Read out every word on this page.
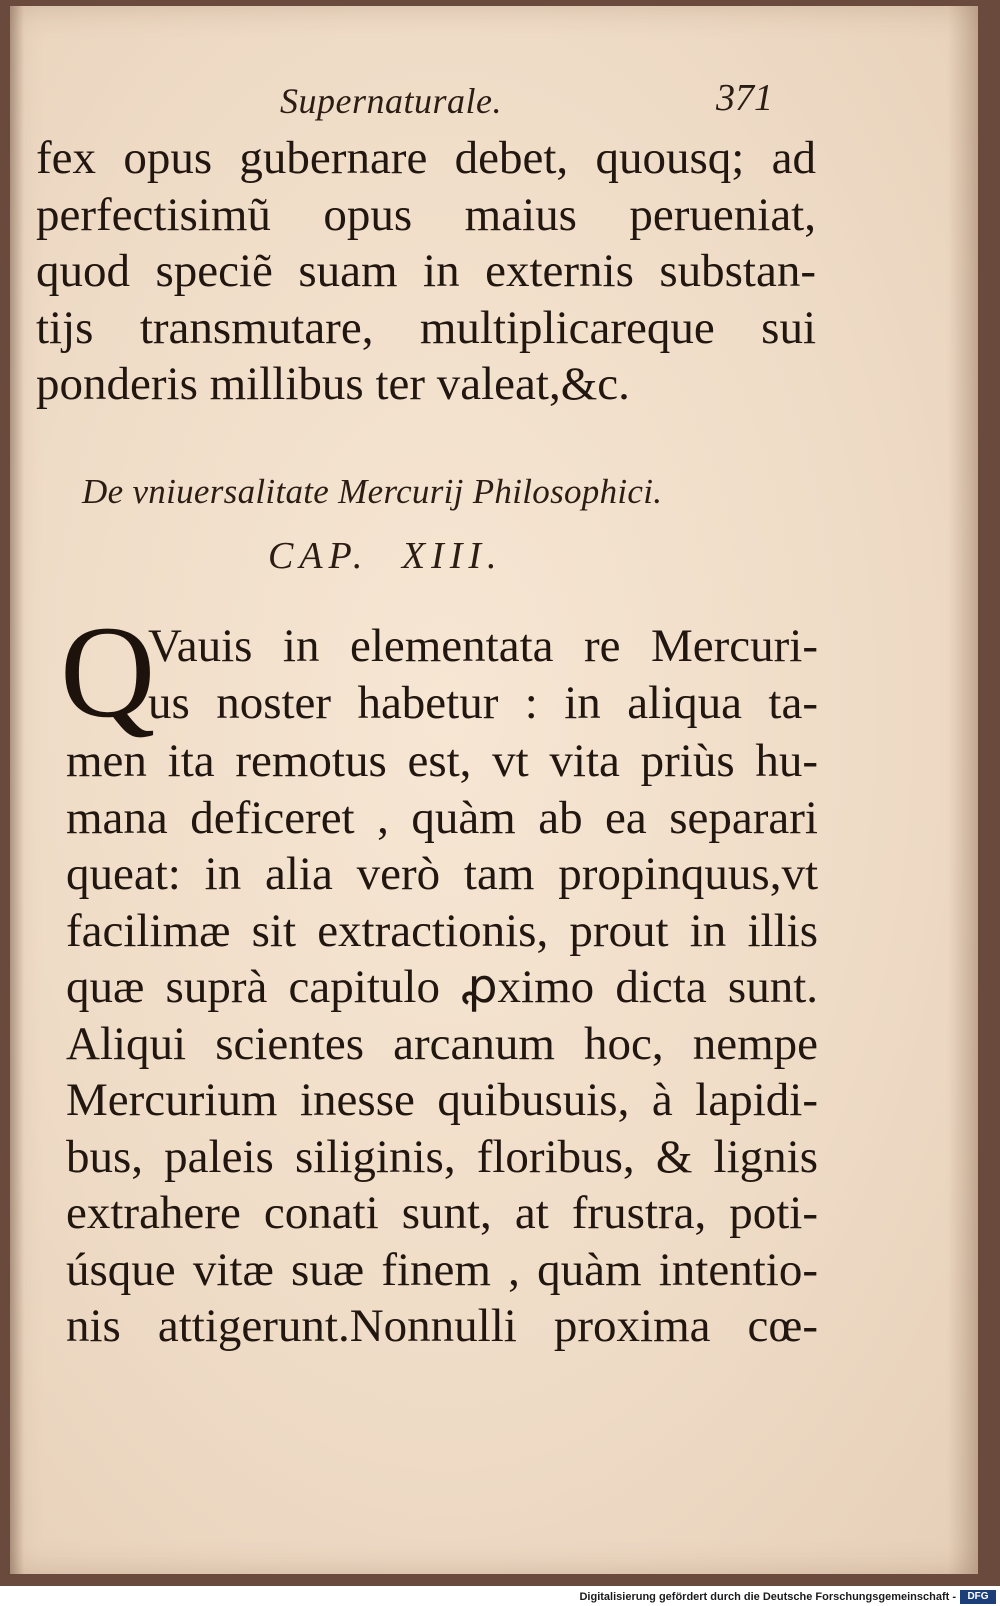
Supernaturale.	371
fex opus gubernare debet, quousq; ad
perfectisimũ opus maius perueniat,
quod speciẽ suam in externis substan-
tijs transmutare, multiplicareque sui
ponderis millibus ter valeat,&c.
De vniuersalitate Mercurij Philosophici.
CAP. XIII.
Q
Vauis in elementata re Mercuri-
us noster habetur : in aliqua ta-
men ita remotus est, vt vita priùs hu-
mana deficeret , quàm ab ea separari
queat: in alia verò tam propinquus,vt
facilimæ sit extractionis, prout in illis
quæ suprà capitulo ꝓximo dicta sunt.
Aliqui scientes arcanum hoc, nempe
Mercurium inesse quibusuis, à lapidi-
bus, paleis siliginis, floribus, & lignis
extrahere conati sunt, at frustra, poti-
úsque vitæ suæ finem , quàm intentio-
nis attigerunt.Nonnulli proxima cœ-
Digitalisierung gefördert durch die Deutsche Forschungsgemeinschaft -	DFG
